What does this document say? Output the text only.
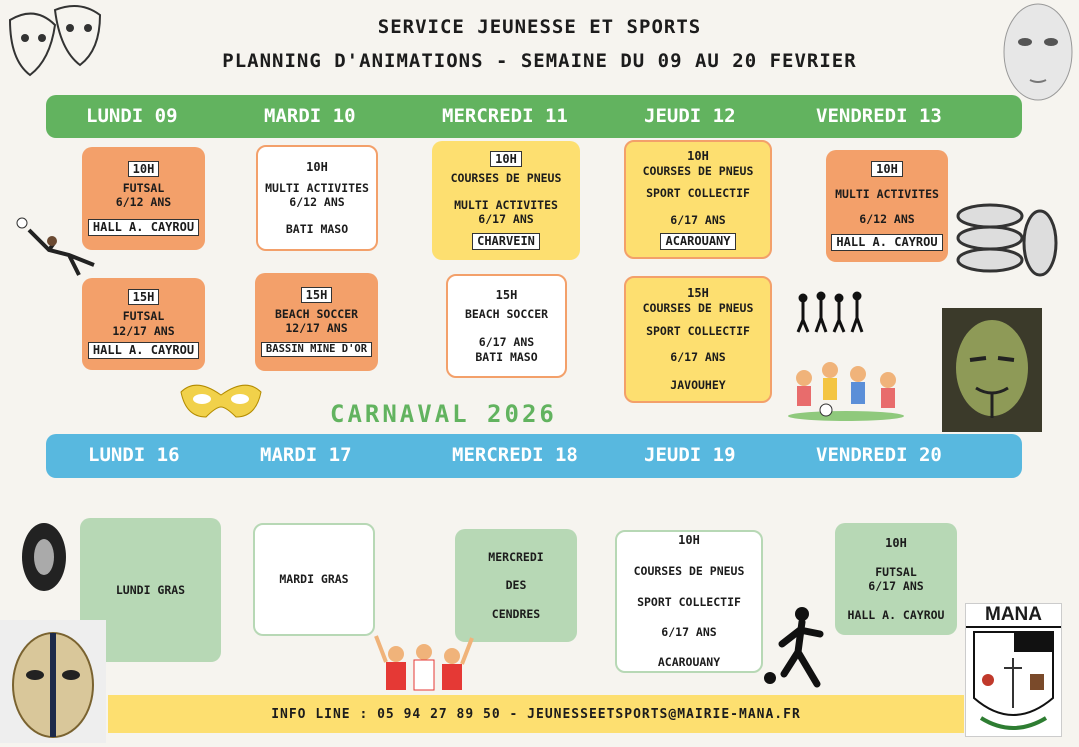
SERVICE JEUNESSE ET SPORTS
PLANNING D'ANIMATIONS - SEMAINE DU 09 AU 20 FEVRIER
LUNDI 09	MARDI 10	MERCREDI 11	JEUDI 12	VENDREDI 13
10H
FUTSAL
6/12 ANS
HALL A. CAYROU
15H
FUTSAL
12/17 ANS
HALL A. CAYROU
10H
MULTI ACTIVITES
6/12 ANS
BATI MASO
15H
BEACH SOCCER
12/17 ANS
BASSIN MINE D'OR
10H
COURSES DE PNEUS
MULTI ACTIVITES
6/17 ANS
CHARVEIN
15H
BEACH SOCCER
6/17 ANS
BATI MASO
10H
COURSES DE PNEUS
SPORT COLLECTIF
6/17 ANS
ACAROUANY
15H
COURSES DE PNEUS
SPORT COLLECTIF
6/17 ANS
JAVOUHEY
10H
MULTI ACTIVITES
6/12 ANS
HALL A. CAYROU
CARNAVAL 2026
LUNDI 16	MARDI 17	MERCREDI 18	JEUDI 19	VENDREDI 20
LUNDI GRAS
MARDI GRAS
MERCREDI
DES
CENDRES
10H
COURSES DE PNEUS
SPORT COLLECTIF
6/17 ANS
ACAROUANY
10H
FUTSAL
6/17 ANS
HALL A. CAYROU	MANA
INFO LINE : 05 94 27 89 50 - JEUNESSEETSPORTS@MAIRIE-MANA.FR
